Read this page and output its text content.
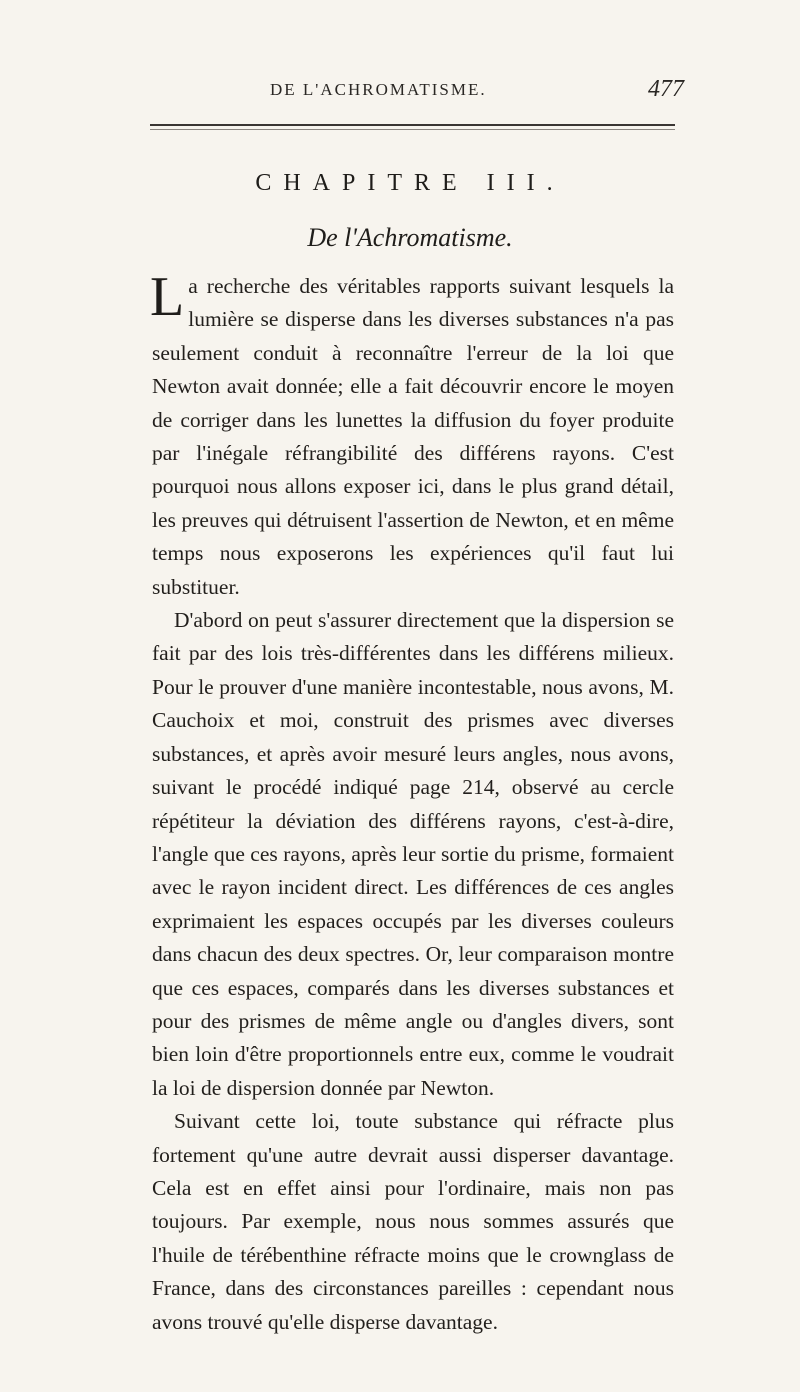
DE L'ACHROMATISME.	477
CHAPITRE III.
De l'Achromatisme.

La recherche des véritables rapports suivant lesquels la lumière se disperse dans les diverses substances n'a pas seulement conduit à reconnaître l'erreur de la loi que Newton avait donnée; elle a fait découvrir encore le moyen de corriger dans les lunettes la diffusion du foyer produite par l'inégale réfrangibilité des différens rayons. C'est pourquoi nous allons exposer ici, dans le plus grand détail, les preuves qui détruisent l'assertion de Newton, et en même temps nous exposerons les expériences qu'il faut lui substituer.

D'abord on peut s'assurer directement que la dispersion se fait par des lois très-différentes dans les différens milieux. Pour le prouver d'une manière incontestable, nous avons, M. Cauchoix et moi, construit des prismes avec diverses substances, et après avoir mesuré leurs angles, nous avons, suivant le procédé indiqué page 214, observé au cercle répétiteur la déviation des différens rayons, c'est-à-dire, l'angle que ces rayons, après leur sortie du prisme, formaient avec le rayon incident direct. Les différences de ces angles exprimaient les espaces occupés par les diverses couleurs dans chacun des deux spectres. Or, leur comparaison montre que ces espaces, comparés dans les diverses substances et pour des prismes de même angle ou d'angles divers, sont bien loin d'être proportionnels entre eux, comme le voudrait la loi de dispersion donnée par Newton.

Suivant cette loi, toute substance qui réfracte plus fortement qu'une autre devrait aussi disperser davantage. Cela est en effet ainsi pour l'ordinaire, mais non pas toujours. Par exemple, nous nous sommes assurés que l'huile de térébenthine réfracte moins que le crownglass de France, dans des circonstances pareilles : cependant nous avons trouvé qu'elle disperse davantage.
